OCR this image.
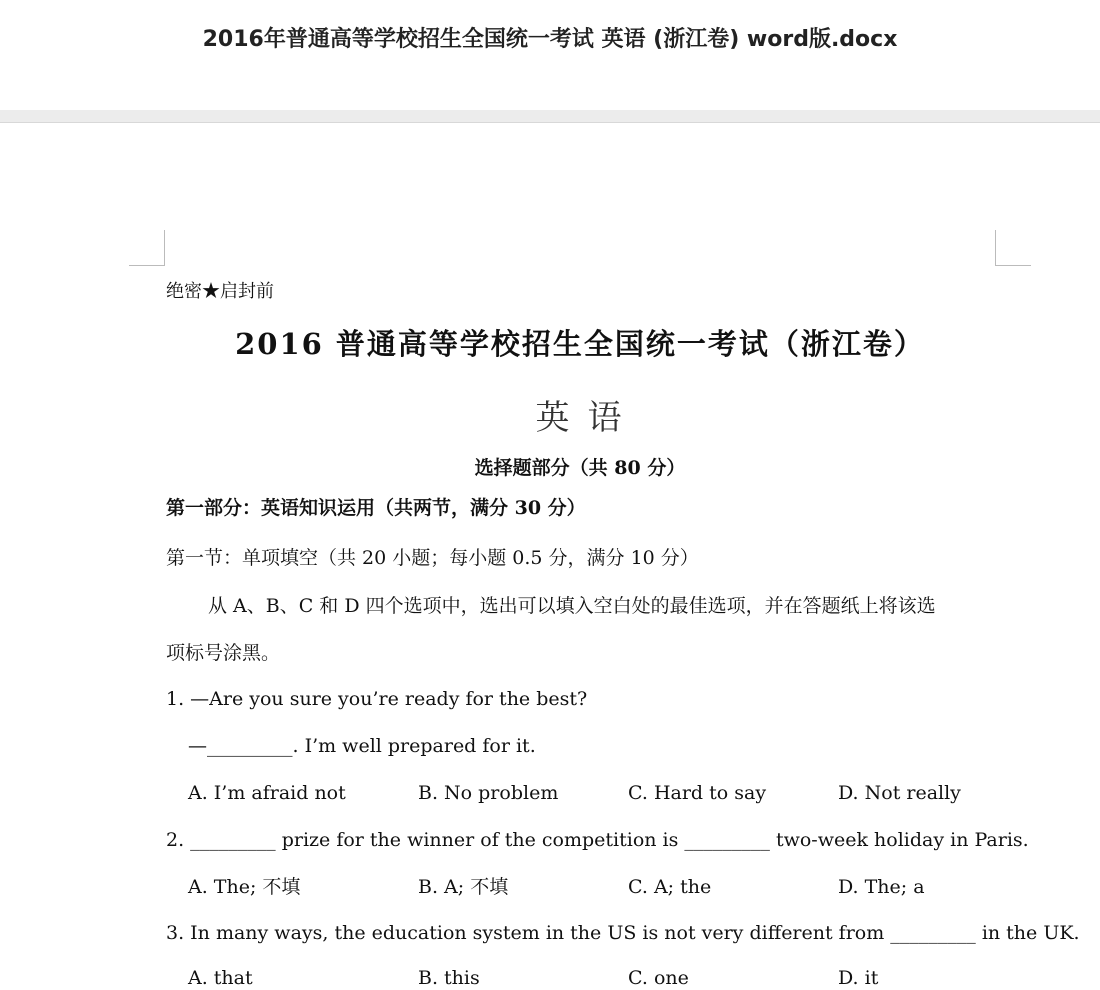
2016年普通高等学校招生全国统一考试 英语 (浙江卷) word版.docx
绝密★启封前
2016 普通高等学校招生全国统一考试（浙江卷）
英语
选择题部分（共 80 分）
第一部分：英语知识运用（共两节，满分 30 分）
第一节：单项填空（共 20 小题；每小题 0.5 分，满分 10 分）
从 A、B、C 和 D 四个选项中，选出可以填入空白处的最佳选项，并在答题纸上将该选
项标号涂黑。
1. —Are you sure you’re ready for the best?
—_________. I’m well prepared for it.
A. I’m afraid not	B. No problem	C. Hard to say	D. Not really
2. _________ prize for the winner of the competition is _________ two-week holiday in Paris.
A. The; 不填	B. A; 不填	C. A; the	D. The; a
3. In many ways, the education system in the US is not very different from _________ in the UK.
A. that	B. this	C. one	D. it
